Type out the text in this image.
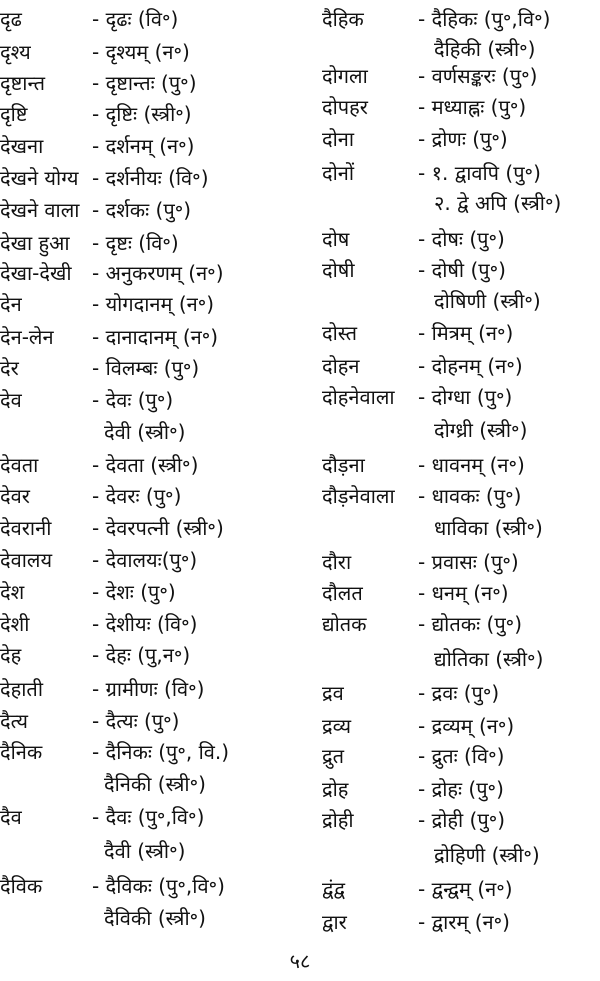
दृढ	- दृढः (वि॰)
दृश्य	- दृश्यम् (न॰)
दृष्टान्त - दृष्टान्तः (पु॰)
दृष्टि	- दृष्टिः (स्त्री॰)
देखना - दर्शनम् (न॰)
देखने योग्य - दर्शनीयः (वि॰)
देखने वाला - दर्शकः (पु॰)
देखा हुआ - दृष्टः (वि॰)
देखा-देखी - अनुकरणम् (न॰)
देन	- योगदानम् (न॰)
देन-लेन - दानादानम् (न॰)
देर	- विलम्बः (पु॰)
देव	- देवः (पु॰)
देवी (स्त्री॰)
देवता	- देवता (स्त्री॰)
देवर	- देवरः (पु॰)
देवरानी - देवरपत्नी (स्त्री॰)
देवालय - देवालयः(पु॰)
देश	- देशः (पु॰)
देशी	- देशीयः (वि॰)
देह	- देहः (पु,न॰)
देहाती - ग्रामीणः (वि॰)
दैत्य	- दैत्यः (पु॰)
दैनिक - दैनिकः (पु॰, वि.)
दैनिकी (स्त्री॰)
दैव	- दैवः (पु॰,वि॰)
दैवी (स्त्री॰)
दैविक - दैविकः (पु॰,वि॰)
दैविकी (स्त्री॰)
दैहिक	- दैहिकः (पु॰,वि॰)
दैहिकी (स्त्री॰)
दोगला	- वर्णसङ्करः (पु॰)
दोपहर	- मध्याह्नः (पु॰)
दोना	- द्रोणः (पु॰)
दोनों	- १. द्वावपि (पु॰)
२. द्वे अपि (स्त्री॰)
दोष	- दोषः (पु॰)
दोषी	- दोषी (पु॰)
दोषिणी (स्त्री॰)
दोस्त	- मित्रम् (न॰)
दोहन	- दोहनम् (न॰)
दोहनेवाला - दोग्धा (पु॰)
दोग्ध्री (स्त्री॰)
दौड़ना	- धावनम् (न॰)
दौड़नेवाला - धावकः (पु॰)
धाविका (स्त्री॰)
दौरा	- प्रवासः (पु॰)
दौलत	- धनम् (न॰)
द्योतक	- द्योतकः (पु॰)
द्योतिका (स्त्री॰)
द्रव	- द्रवः (पु॰)
द्रव्य	- द्रव्यम् (न॰)
द्रुत	- द्रुतः (वि॰)
द्रोह	- द्रोहः (पु॰)
द्रोही	- द्रोही (पु॰)
द्रोहिणी (स्त्री॰)
द्वंद्व	- द्वन्द्वम् (न॰)
द्वार	- द्वारम् (न॰)
५८
